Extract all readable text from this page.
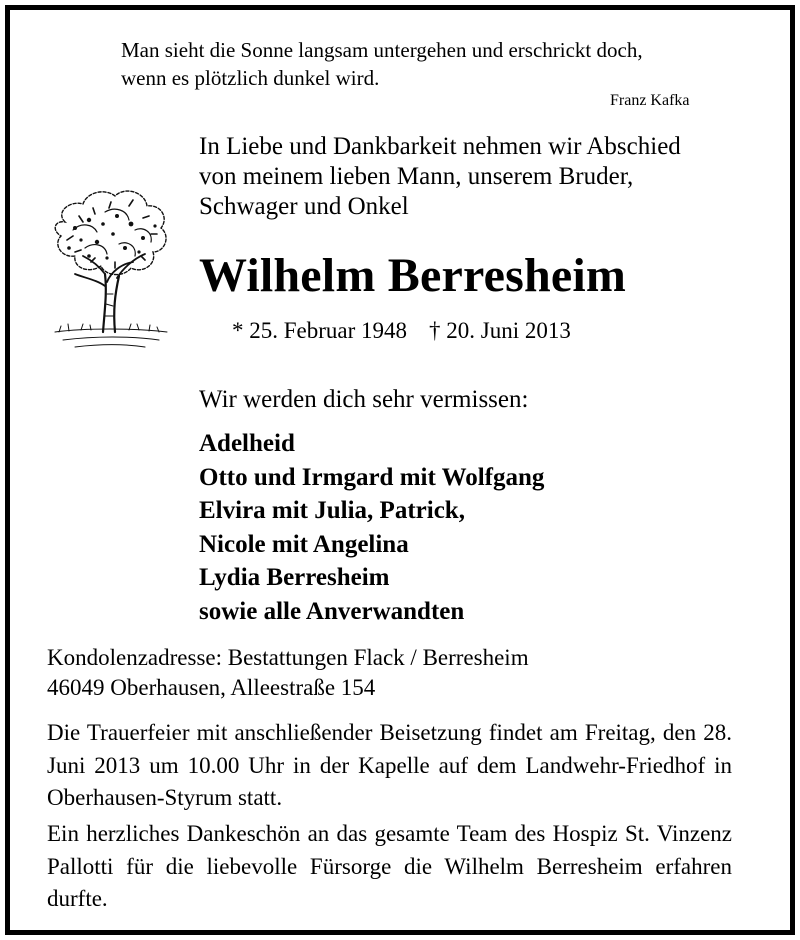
Man sieht die Sonne langsam untergehen und erschrickt doch,
wenn es plötzlich dunkel wird.
Franz Kafka
In Liebe und Dankbarkeit nehmen wir Abschied
von meinem lieben Mann, unserem Bruder,
Schwager und Onkel
Wilhelm Berresheim
* 25. Februar 1948 † 20. Juni 2013
Wir werden dich sehr vermissen:
Adelheid
Otto und Irmgard mit Wolfgang
Elvira mit Julia, Patrick,
Nicole mit Angelina
Lydia Berresheim
sowie alle Anverwandten
Kondolenzadresse: Bestattungen Flack / Berresheim
46049 Oberhausen, Alleestraße 154
Die Trauerfeier mit anschließender Beisetzung findet am Freitag, den 28. Juni 2013 um 10.00 Uhr in der Kapelle auf dem Landwehr-Friedhof in Oberhausen-Styrum statt.
Ein herzliches Dankeschön an das gesamte Team des Hospiz St. Vinzenz Pallotti für die liebevolle Fürsorge die Wilhelm Berresheim erfahren durfte.
